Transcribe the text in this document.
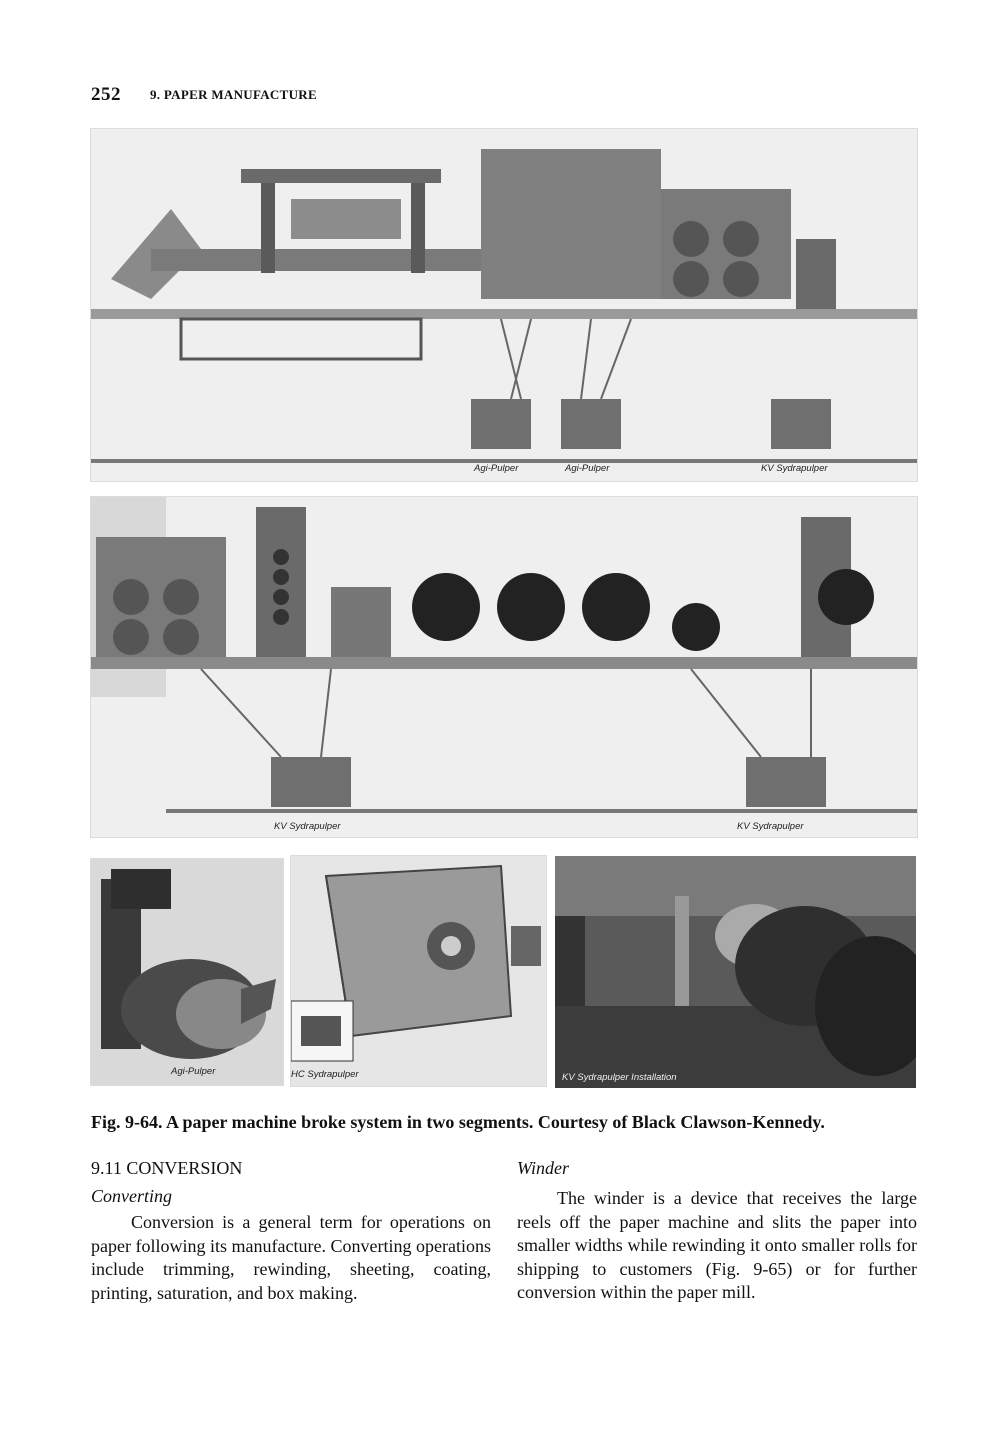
252 9. PAPER MANUFACTURE
Agi-Pulper	Agi-Pulper	KV Sydrapulper
KV Sydrapulper	KV Sydrapulper
Agi-Pulper	HC Sydrapulper	KV Sydrapulper Installation
Fig. 9-64. A paper machine broke system in two segments. Courtesy of Black Clawson-Kennedy.
9.11 CONVERSION
Converting
Conversion is a general term for operations on paper following its manufacture. Converting operations include trimming, rewinding, sheeting, coating, printing, saturation, and box making.
Winder
The winder is a device that receives the large reels off the paper machine and slits the paper into smaller widths while rewinding it onto smaller rolls for shipping to customers (Fig. 9-65) or for further conversion within the paper mill.
